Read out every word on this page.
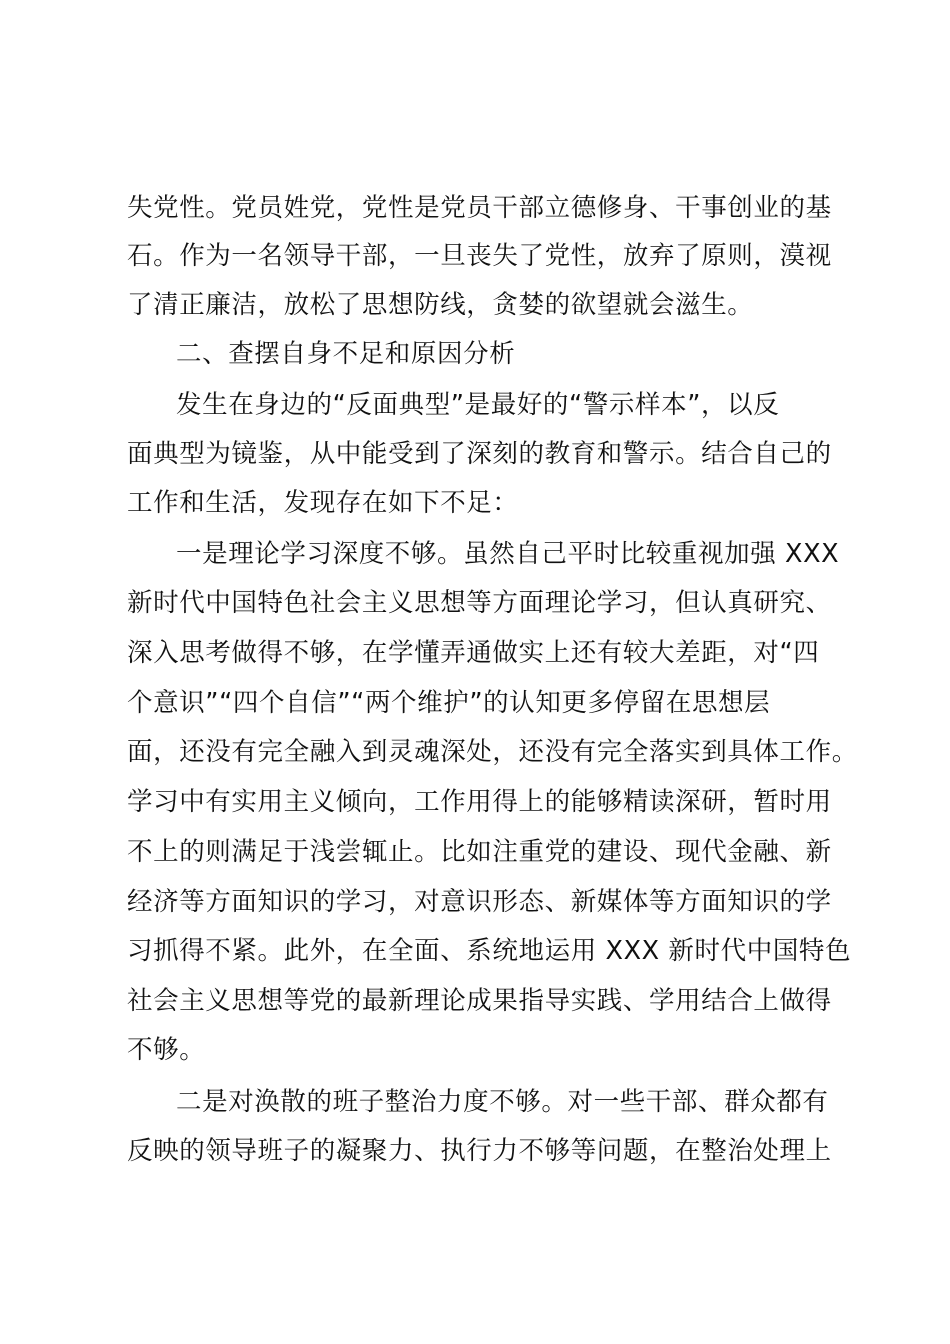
失党性。党员姓党，党性是党员干部立德修身、干事创业的基
石。作为一名领导干部，一旦丧失了党性，放弃了原则，漠视
了清正廉洁，放松了思想防线，贪婪的欲望就会滋生。
二、查摆自身不足和原因分析
发生在身边的“反面典型”是最好的“警示样本”，以反
面典型为镜鉴，从中能受到了深刻的教育和警示。结合自己的
工作和生活，发现存在如下不足：
一是理论学习深度不够。虽然自己平时比较重视加强 XXX
新时代中国特色社会主义思想等方面理论学习，但认真研究、
深入思考做得不够，在学懂弄通做实上还有较大差距，对“四
个意识”“四个自信”“两个维护”的认知更多停留在思想层
面，还没有完全融入到灵魂深处，还没有完全落实到具体工作。
学习中有实用主义倾向，工作用得上的能够精读深研，暂时用
不上的则满足于浅尝辄止。比如注重党的建设、现代金融、新
经济等方面知识的学习，对意识形态、新媒体等方面知识的学
习抓得不紧。此外，在全面、系统地运用 XXX 新时代中国特色
社会主义思想等党的最新理论成果指导实践、学用结合上做得
不够。
二是对涣散的班子整治力度不够。对一些干部、群众都有
反映的领导班子的凝聚力、执行力不够等问题，在整治处理上
